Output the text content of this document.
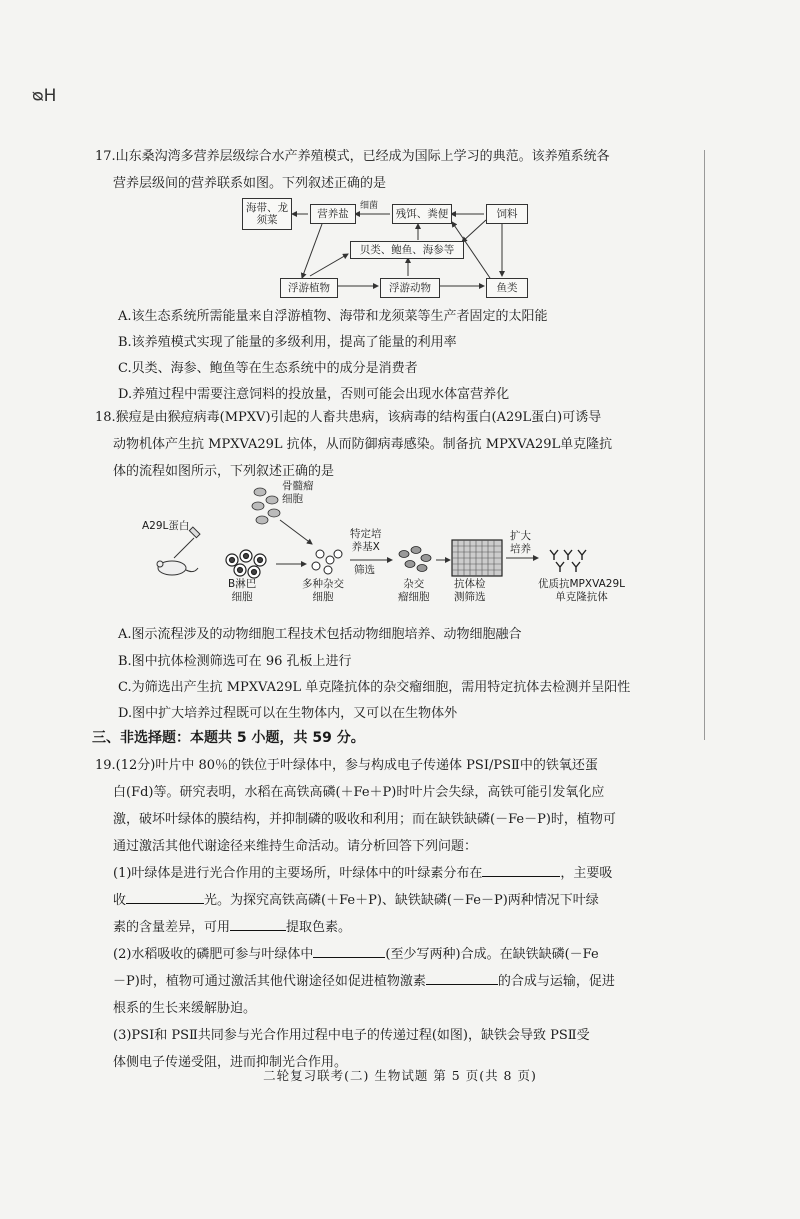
ᴓH
17.山东桑沟湾多营养层级综合水产养殖模式，已经成为国际上学习的典范。该养殖系统各
营养层级间的营养联系如图。下列叙述正确的是
海带、龙须菜	营养盐
细菌
残饵、粪便	饲料
贝类、鲍鱼、海参等
浮游植物	浮游动物	鱼类
A.该生态系统所需能量来自浮游植物、海带和龙须菜等生产者固定的太阳能
B.该养殖模式实现了能量的多级利用，提高了能量的利用率
C.贝类、海参、鲍鱼等在生态系统中的成分是消费者
D.养殖过程中需要注意饲料的投放量，否则可能会出现水体富营养化
18.猴痘是由猴痘病毒(MPXV)引起的人畜共患病，该病毒的结构蛋白(A29L蛋白)可诱导
动物机体产生抗 MPXVA29L 抗体，从而防御病毒感染。制备抗 MPXVA29L单克隆抗
体的流程如图所示，下列叙述正确的是
骨髓瘤
细胞
A29L蛋白
B淋巴
细胞
多种杂交
细胞
特定培
养基X
筛选
杂交
瘤细胞
抗体检
测筛选
扩大
培养
优质抗MPXVA29L
单克隆抗体
A.图示流程涉及的动物细胞工程技术包括动物细胞培养、动物细胞融合
B.图中抗体检测筛选可在 96 孔板上进行
C.为筛选出产生抗 MPXVA29L 单克隆抗体的杂交瘤细胞，需用特定抗体去检测并呈阳性
D.图中扩大培养过程既可以在生物体内，又可以在生物体外
三、非选择题：本题共 5 小题，共 59 分。
19.(12分)叶片中 80％的铁位于叶绿体中，参与构成电子传递体 PSⅠ/PSⅡ中的铁氧还蛋
白(Fd)等。研究表明，水稻在高铁高磷(＋Fe＋P)时叶片会失绿，高铁可能引发氧化应
激，破坏叶绿体的膜结构，并抑制磷的吸收和利用；而在缺铁缺磷(－Fe－P)时，植物可
通过激活其他代谢途径来维持生命活动。请分析回答下列问题：
(1)叶绿体是进行光合作用的主要场所，叶绿体中的叶绿素分布在	，主要吸
收	光。为探究高铁高磷(＋Fe＋P)、缺铁缺磷(－Fe－P)两种情况下叶绿
素的含量差异，可用	提取色素。
(2)水稻吸收的磷肥可参与叶绿体中	(至少写两种)合成。在缺铁缺磷(－Fe
－P)时，植物可通过激活其他代谢途径如促进植物激素	的合成与运输，促进
根系的生长来缓解胁迫。
(3)PSⅠ和 PSⅡ共同参与光合作用过程中电子的传递过程(如图)，缺铁会导致 PSⅡ受
体侧电子传递受阻，进而抑制光合作用。
二轮复习联考(二) 生物试题 第 5 页(共 8 页)
